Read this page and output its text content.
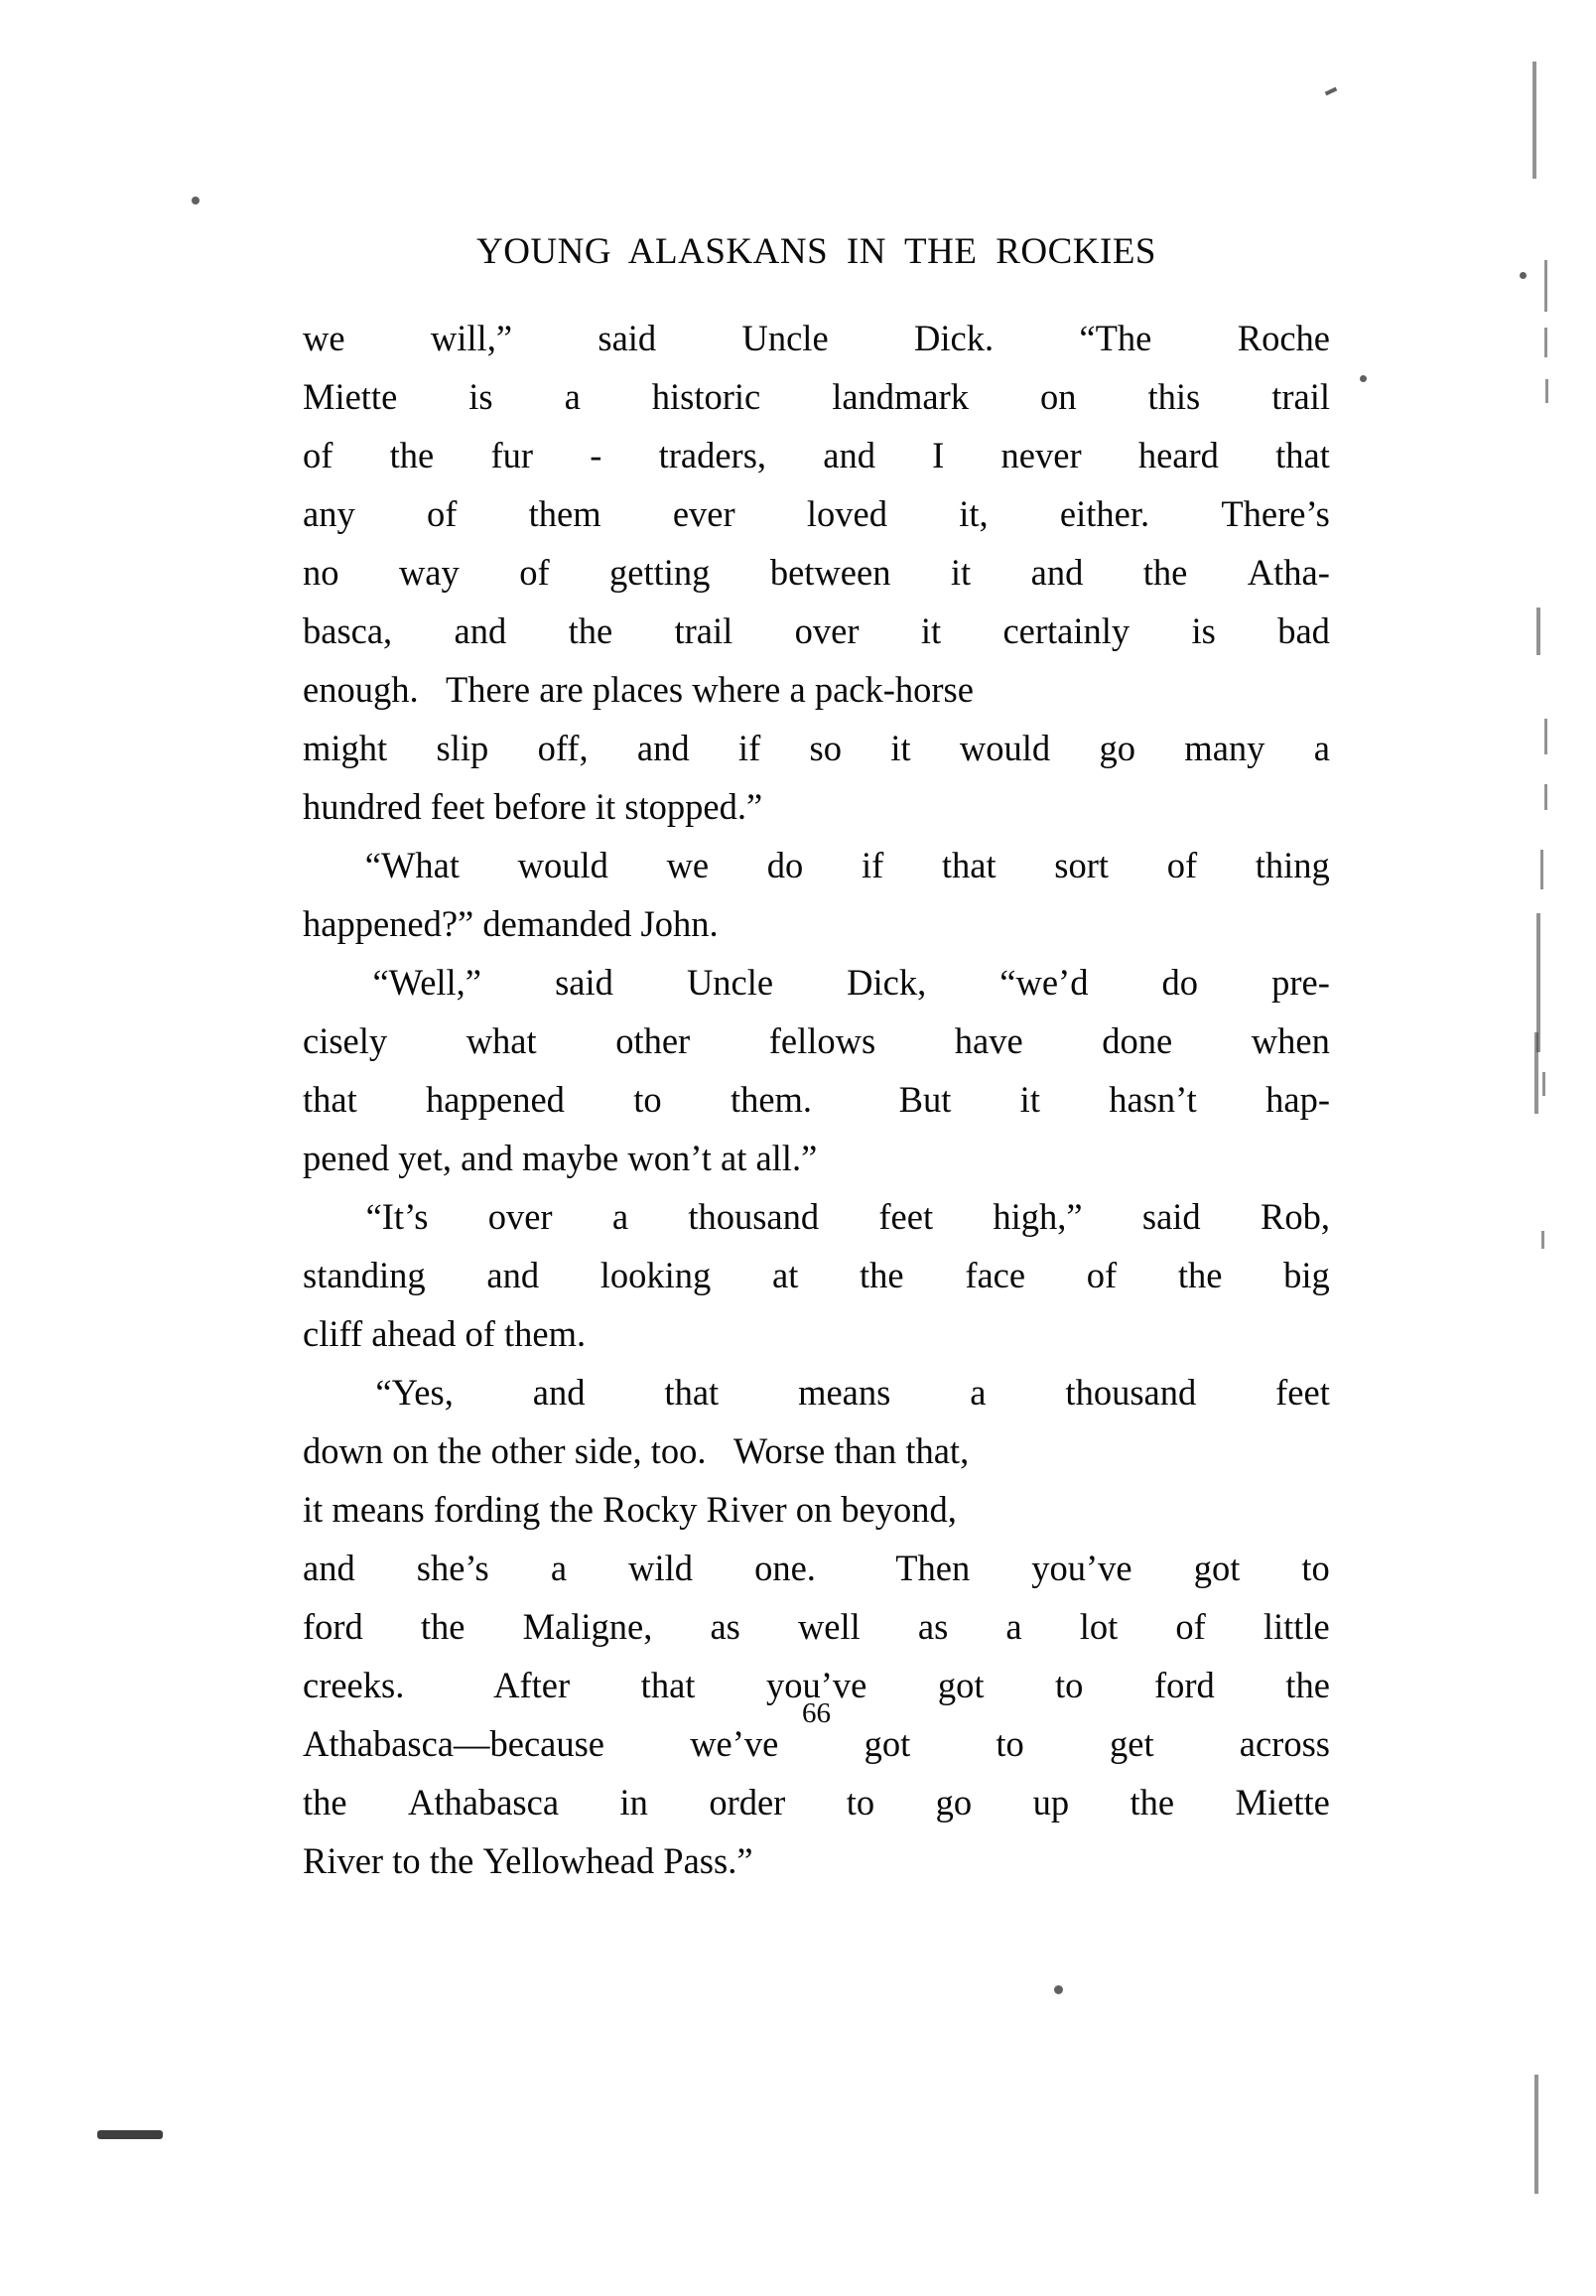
YOUNG ALASKANS IN THE ROCKIES
we
will,”
said
Uncle
Dick.
“The
Roche
Miette
is
a
historic
landmark
on
this
trail
of
the
fur
-
traders,
and
I
never
heard
that
any
of
them
ever
loved
it,
either.
There’s
no
way
of
getting
between
it
and
the
Atha-
basca,
and
the
trail
over
it
certainly
is
bad
enough.
There
are
places
where
a
pack-horse
might
slip
off,
and
if
so
it
would
go
many
a
hundred
feet
before
it
stopped.”
“What
would
we
do
if
that
sort
of
thing
happened?”
demanded
John.
“Well,”
said
Uncle
Dick,
“we’d
do
pre-
cisely
what
other
fellows
have
done
when
that
happened
to
them.
But
it
hasn’t
hap-
pened
yet,
and
maybe
won’t
at
all.”
“It’s
over
a
thousand
feet
high,”
said
Rob,
standing
and
looking
at
the
face
of
the
big
cliff
ahead
of
them.
“Yes,
and
that
means
a
thousand
feet
down
on
the
other
side,
too.
Worse
than
that,
it
means
fording
the
Rocky
River
on
beyond,
and
she’s
a
wild
one.
Then
you’ve
got
to
ford
the
Maligne,
as
well
as
a
lot
of
little
creeks.
After
that
you’ve
got
to
ford
the
Athabasca—because
we’ve
got
to
get
across
the
Athabasca
in
order
to
go
up
the
Miette
River
to
the
Yellowhead
Pass.”
66
